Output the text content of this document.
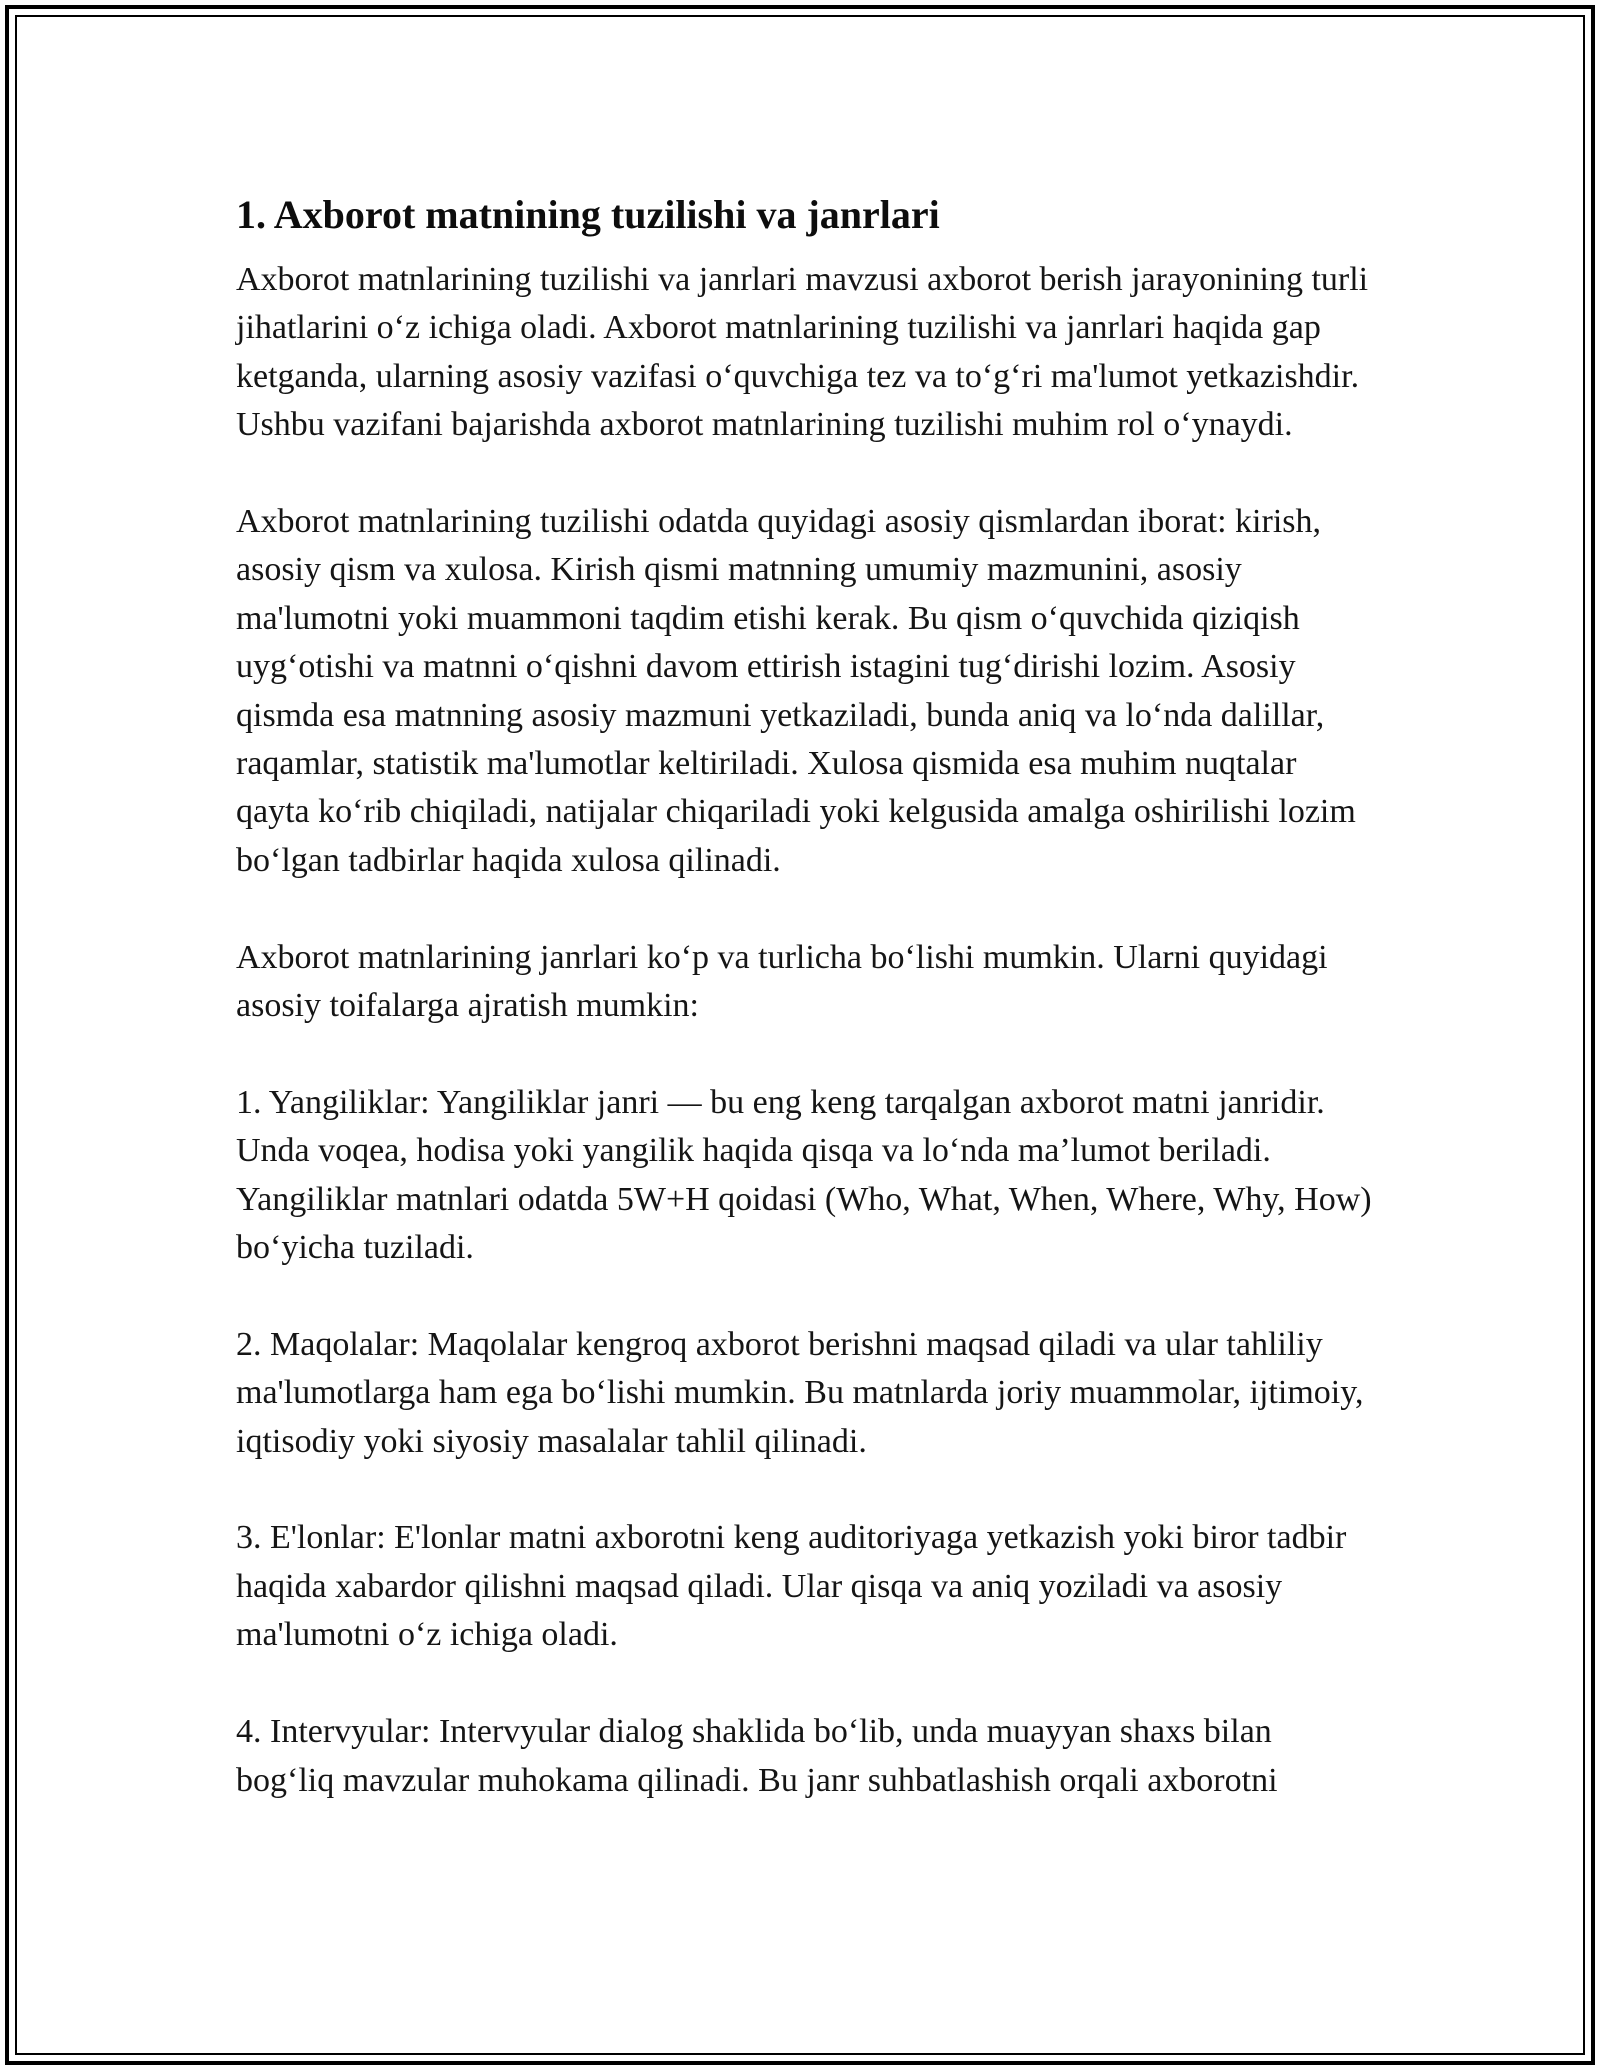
1. Axborot matnining tuzilishi va janrlari

Axborot matnlarining tuzilishi va janrlari mavzusi axborot berish jarayonining turli jihatlarini o‘z ichiga oladi. Axborot matnlarining tuzilishi va janrlari haqida gap ketganda, ularning asosiy vazifasi o‘quvchiga tez va to‘g‘ri ma'lumot yetkazishdir. Ushbu vazifani bajarishda axborot matnlarining tuzilishi muhim rol o‘ynaydi.

Axborot matnlarining tuzilishi odatda quyidagi asosiy qismlardan iborat: kirish, asosiy qism va xulosa. Kirish qismi matnning umumiy mazmunini, asosiy ma'lumotni yoki muammoni taqdim etishi kerak. Bu qism o‘quvchida qiziqish uyg‘otishi va matnni o‘qishni davom ettirish istagini tug‘dirishi lozim. Asosiy qismda esa matnning asosiy mazmuni yetkaziladi, bunda aniq va lo‘nda dalillar, raqamlar, statistik ma'lumotlar keltiriladi. Xulosa qismida esa muhim nuqtalar qayta ko‘rib chiqiladi, natijalar chiqariladi yoki kelgusida amalga oshirilishi lozim bo‘lgan tadbirlar haqida xulosa qilinadi.

Axborot matnlarining janrlari ko‘p va turlicha bo‘lishi mumkin. Ularni quyidagi asosiy toifalarga ajratish mumkin:

1. Yangiliklar: Yangiliklar janri — bu eng keng tarqalgan axborot matni janridir. Unda voqea, hodisa yoki yangilik haqida qisqa va lo‘nda ma’lumot beriladi. Yangiliklar matnlari odatda 5W+H qoidasi (Who, What, When, Where, Why, How) bo‘yicha tuziladi.

2. Maqolalar: Maqolalar kengroq axborot berishni maqsad qiladi va ular tahliliy ma'lumotlarga ham ega bo‘lishi mumkin. Bu matnlarda joriy muammolar, ijtimoiy, iqtisodiy yoki siyosiy masalalar tahlil qilinadi.

3. E'lonlar: E'lonlar matni axborotni keng auditoriyaga yetkazish yoki biror tadbir haqida xabardor qilishni maqsad qiladi. Ular qisqa va aniq yoziladi va asosiy ma'lumotni o‘z ichiga oladi.

4. Intervyular: Intervyular dialog shaklida bo‘lib, unda muayyan shaxs bilan bog‘liq mavzular muhokama qilinadi. Bu janr suhbatlashish orqali axborotni
